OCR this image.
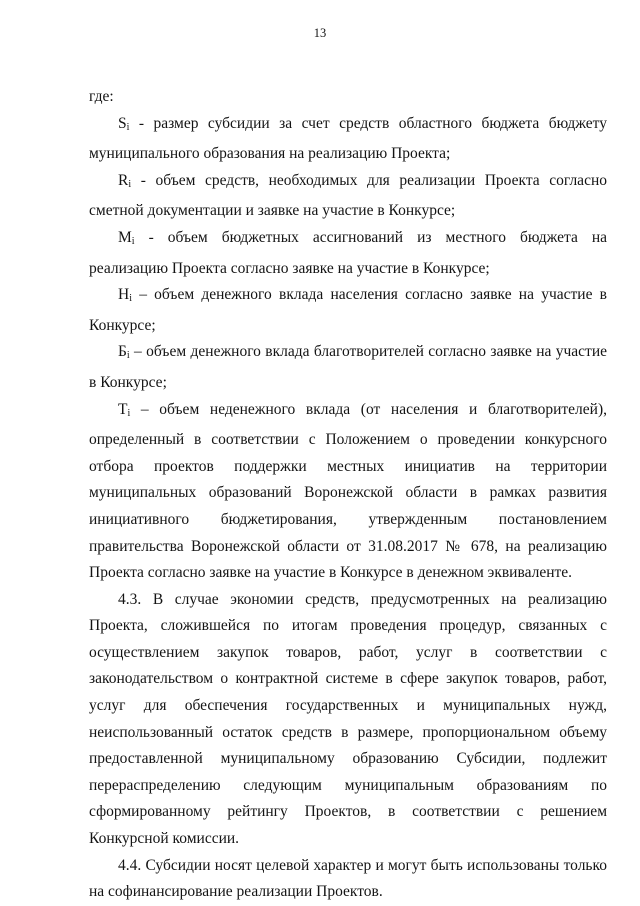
13

где:

Si - размер субсидии за счет средств областного бюджета бюджету муниципального образования на реализацию Проекта;

Ri - объем средств, необходимых для реализации Проекта согласно сметной документации и заявке на участие в Конкурсе;

Mi - объем бюджетных ассигнований из местного бюджета на реализацию Проекта согласно заявке на участие в Конкурсе;

Нi – объем денежного вклада населения согласно заявке на участие в Конкурсе;

Бi – объем денежного вклада благотворителей согласно заявке на участие в Конкурсе;

Тi – объем неденежного вклада (от населения и благотворителей), определенный в соответствии с Положением о проведении конкурсного отбора проектов поддержки местных инициатив на территории муниципальных образований Воронежской области в рамках развития инициативного бюджетирования, утвержденным постановлением правительства Воронежской области от 31.08.2017 № 678, на реализацию Проекта согласно заявке на участие в Конкурсе в денежном эквиваленте.

4.3. В случае экономии средств, предусмотренных на реализацию Проекта, сложившейся по итогам проведения процедур, связанных с осуществлением закупок товаров, работ, услуг в соответствии с законодательством о контрактной системе в сфере закупок товаров, работ, услуг для обеспечения государственных и муниципальных нужд, неиспользованный остаток средств в размере, пропорциональном объему предоставленной муниципальному образованию Субсидии, подлежит перераспределению следующим муниципальным образованиям по сформированному рейтингу Проектов, в соответствии с решением Конкурсной комиссии.

4.4. Субсидии носят целевой характер и могут быть использованы только на софинансирование реализации Проектов.
